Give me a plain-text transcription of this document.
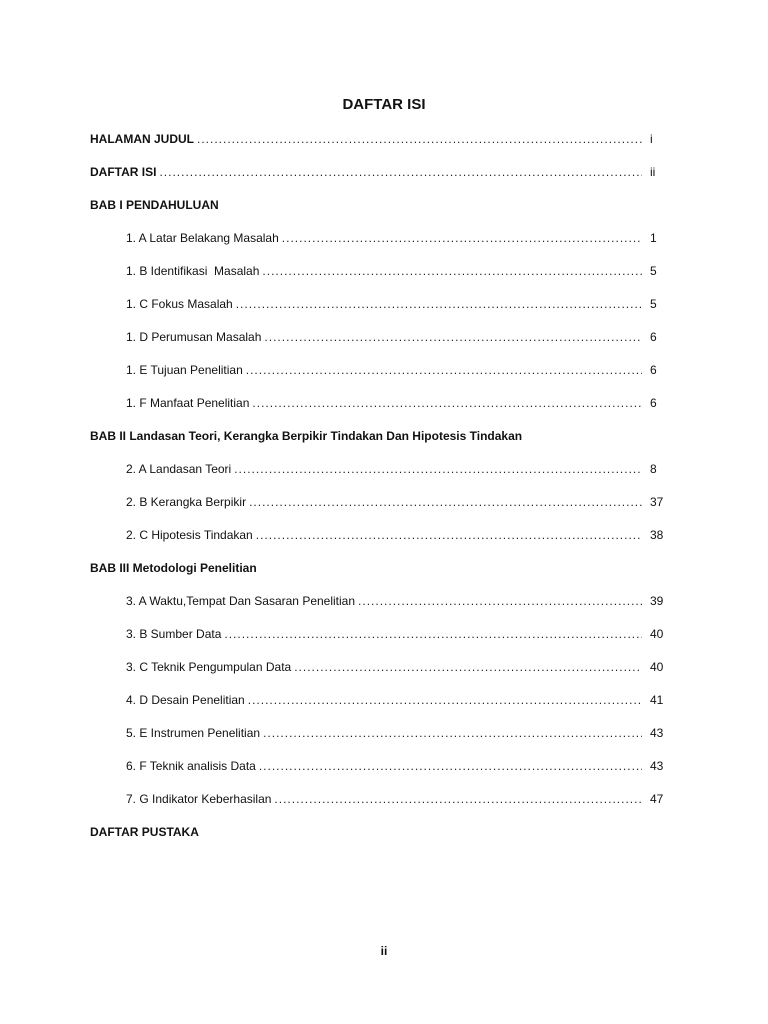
DAFTAR ISI
HALAMAN JUDUL .....	i
DAFTAR ISI .....	ii
BAB I PENDAHULUAN
1. A Latar Belakang Masalah .....	1
1. B Identifikasi  Masalah .....	5
1. C Fokus Masalah .....	5
1. D Perumusan Masalah .....	6
1. E Tujuan Penelitian .....	6
1. F Manfaat Penelitian .....	6
BAB II Landasan Teori, Kerangka Berpikir Tindakan Dan Hipotesis Tindakan
2. A Landasan Teori .....	8
2. B Kerangka Berpikir .....	37
2. C Hipotesis Tindakan .....	38
BAB III Metodologi Penelitian
3. A Waktu,Tempat Dan Sasaran Penelitian .....	39
3. B Sumber Data .....	40
3. C Teknik Pengumpulan Data .....	40
4. D Desain Penelitian .....	41
5. E Instrumen Penelitian .....	43
6. F Teknik analisis Data .....	43
7. G Indikator Keberhasilan .....	47
DAFTAR PUSTAKA
ii
